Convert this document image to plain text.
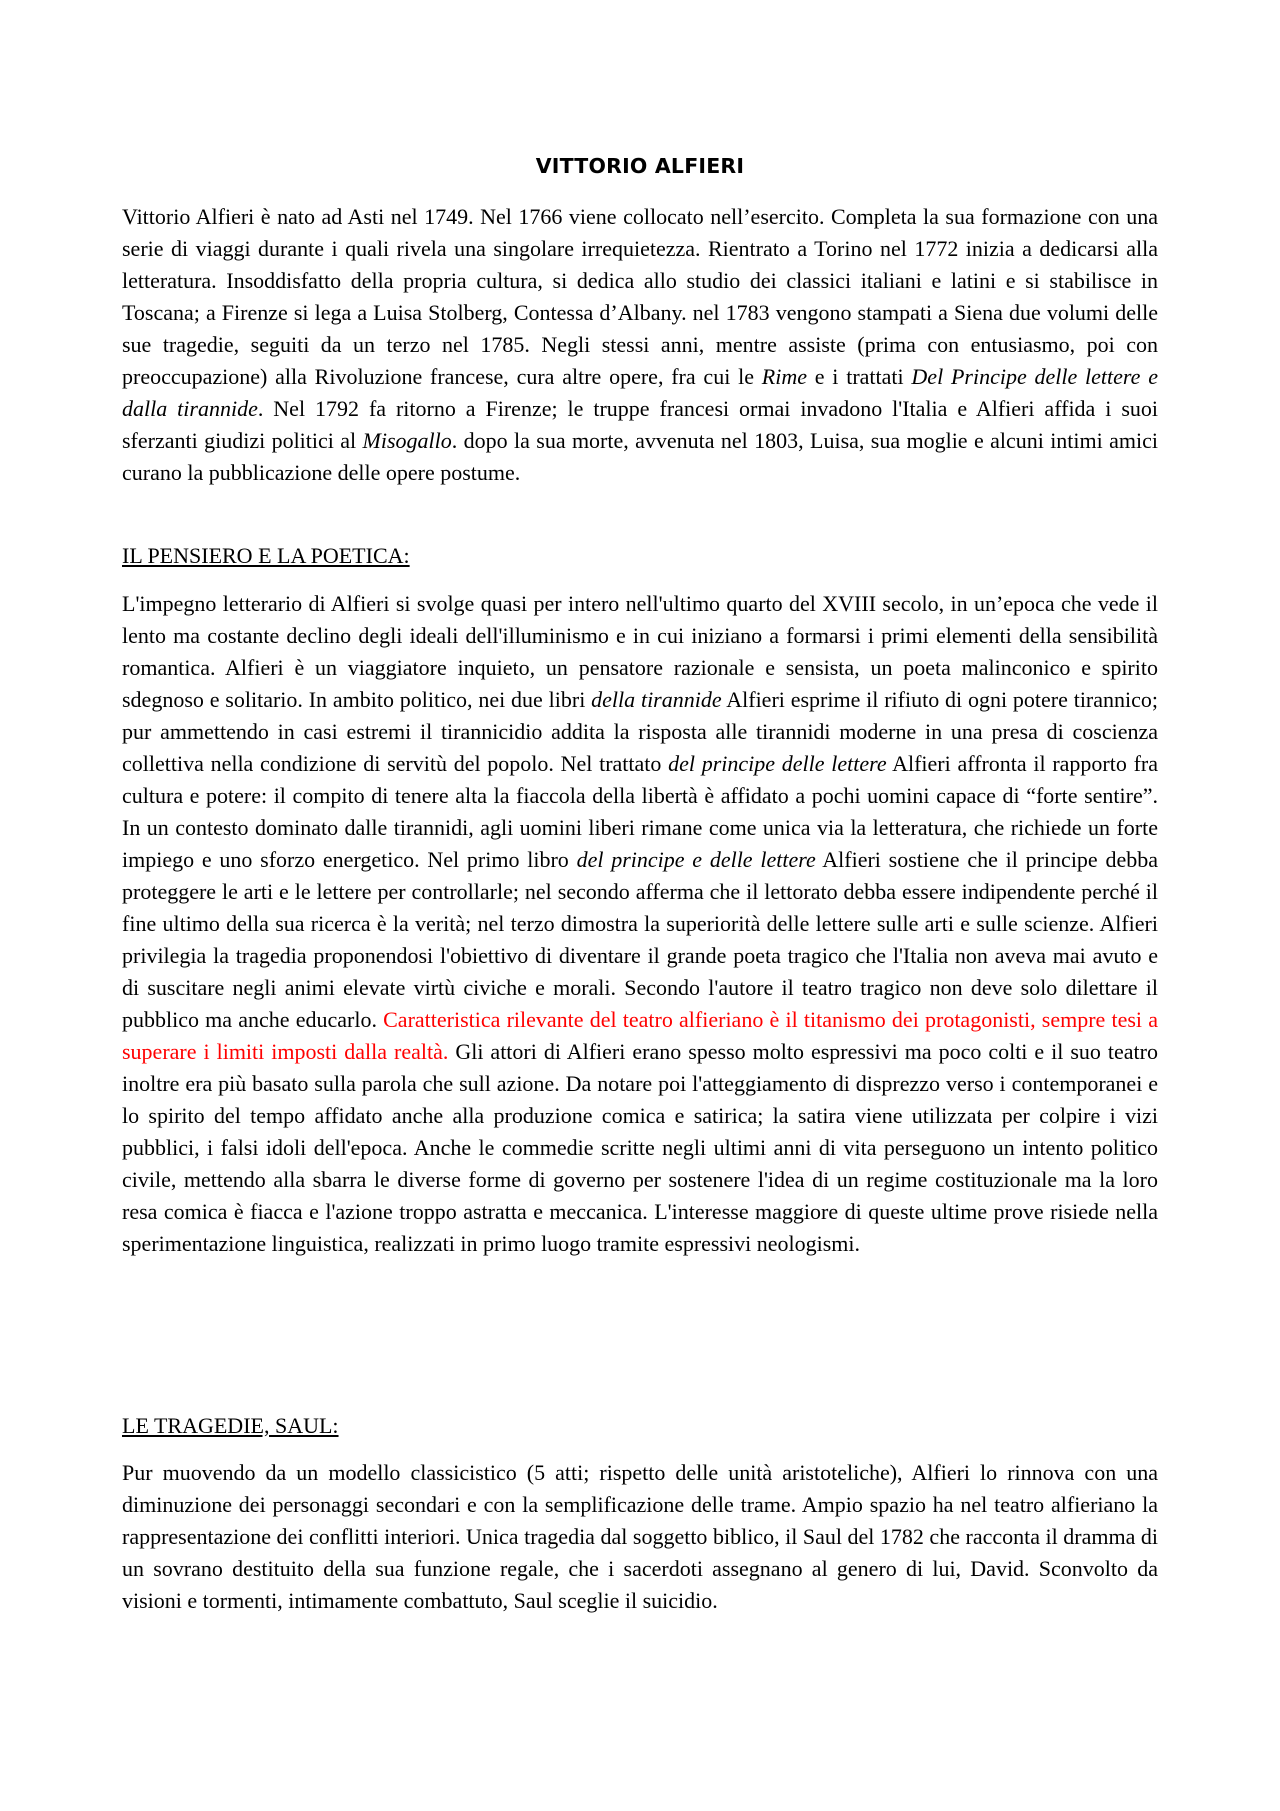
VITTORIO ALFIERI

Vittorio Alfieri è nato ad Asti nel 1749. Nel 1766 viene collocato nell’esercito. Completa la sua formazione con una serie di viaggi durante i quali rivela una singolare irrequietezza. Rientrato a Torino nel 1772 inizia a dedicarsi alla letteratura. Insoddisfatto della propria cultura, si dedica allo studio dei classici italiani e latini e si stabilisce in Toscana; a Firenze si lega a Luisa Stolberg, Contessa d’Albany. nel 1783 vengono stampati a Siena due volumi delle sue tragedie, seguiti da un terzo nel 1785. Negli stessi anni, mentre assiste (prima con entusiasmo, poi con preoccupazione) alla Rivoluzione francese, cura altre opere, fra cui le Rime e i trattati Del Principe delle lettere e dalla tirannide. Nel 1792 fa ritorno a Firenze; le truppe francesi ormai invadono l'Italia e Alfieri affida i suoi sferzanti giudizi politici al Misogallo. dopo la sua morte, avvenuta nel 1803, Luisa, sua moglie e alcuni intimi amici curano la pubblicazione delle opere postume.

IL PENSIERO E LA POETICA:

L'impegno letterario di Alfieri si svolge quasi per intero nell'ultimo quarto del XVIII secolo, in un’epoca che vede il lento ma costante declino degli ideali dell'illuminismo e in cui iniziano a formarsi i primi elementi della sensibilità romantica. Alfieri è un viaggiatore inquieto, un pensatore razionale e sensista, un poeta malinconico e spirito sdegnoso e solitario. In ambito politico, nei due libri della tirannide Alfieri esprime il rifiuto di ogni potere tirannico; pur ammettendo in casi estremi il tirannicidio addita la risposta alle tirannidi moderne in una presa di coscienza collettiva nella condizione di servitù del popolo. Nel trattato del principe delle lettere Alfieri affronta il rapporto fra cultura e potere: il compito di tenere alta la fiaccola della libertà è affidato a pochi uomini capace di “forte sentire”. In un contesto dominato dalle tirannidi, agli uomini liberi rimane come unica via la letteratura, che richiede un forte impiego e uno sforzo energetico. Nel primo libro del principe e delle lettere Alfieri sostiene che il principe debba proteggere le arti e le lettere per controllarle; nel secondo afferma che il lettorato debba essere indipendente perché il fine ultimo della sua ricerca è la verità; nel terzo dimostra la superiorità delle lettere sulle arti e sulle scienze. Alfieri privilegia la tragedia proponendosi l'obiettivo di diventare il grande poeta tragico che l'Italia non aveva mai avuto e di suscitare negli animi elevate virtù civiche e morali. Secondo l'autore il teatro tragico non deve solo dilettare il pubblico ma anche educarlo. Caratteristica rilevante del teatro alfieriano è il titanismo dei protagonisti, sempre tesi a superare i limiti imposti dalla realtà. Gli attori di Alfieri erano spesso molto espressivi ma poco colti e il suo teatro inoltre era più basato sulla parola che sull azione. Da notare poi l'atteggiamento di disprezzo verso i contemporanei e lo spirito del tempo affidato anche alla produzione comica e satirica; la satira viene utilizzata per colpire i vizi pubblici, i falsi idoli dell'epoca. Anche le commedie scritte negli ultimi anni di vita perseguono un intento politico civile, mettendo alla sbarra le diverse forme di governo per sostenere l'idea di un regime costituzionale ma la loro resa comica è fiacca e l'azione troppo astratta e meccanica. L'interesse maggiore di queste ultime prove risiede nella sperimentazione linguistica, realizzati in primo luogo tramite espressivi neologismi.

LE TRAGEDIE, SAUL:

Pur muovendo da un modello classicistico (5 atti; rispetto delle unità aristoteliche), Alfieri lo rinnova con una diminuzione dei personaggi secondari e con la semplificazione delle trame. Ampio spazio ha nel teatro alfieriano la rappresentazione dei conflitti interiori. Unica tragedia dal soggetto biblico, il Saul del 1782 che racconta il dramma di un sovrano destituito della sua funzione regale, che i sacerdoti assegnano al genero di lui, David. Sconvolto da visioni e tormenti, intimamente combattuto, Saul sceglie il suicidio.
